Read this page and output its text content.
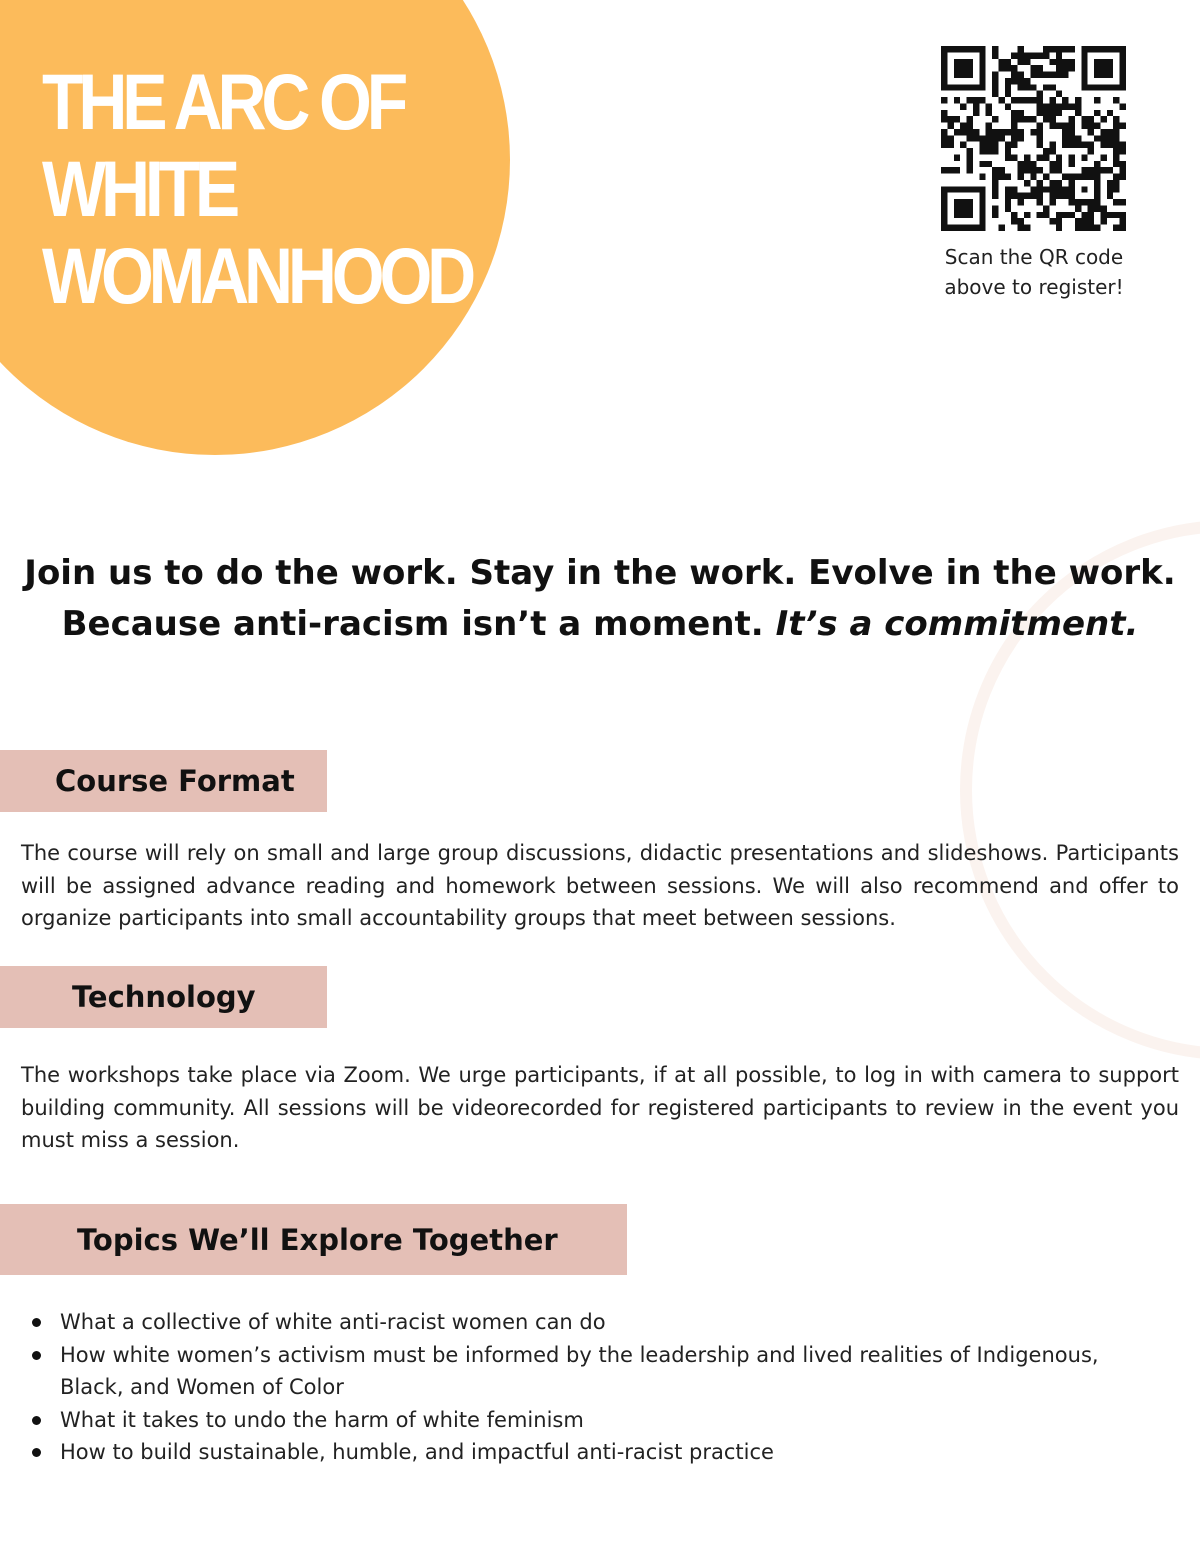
THE ARC OF
WHITE
WOMANHOOD	Scan the QR code
above to register!
Join us to do the work. Stay in the work. Evolve in the work.
Because anti-racism isn’t a moment. It’s a commitment.
Course Format

The course will rely on small and large group discussions, didactic presentations and slideshows. Participants will be assigned advance reading and homework between sessions. We will also recommend and offer to organize participants into small accountability groups that meet between sessions.

Technology

The workshops take place via Zoom. We urge participants, if at all possible, to log in with camera to support building community. All sessions will be videorecorded for registered participants to review in the event you must miss a session.

Topics We’ll Explore Together
What a collective of white anti-racist women can do
How white women’s activism must be informed by the leadership and lived realities of Indigenous, Black, and Women of Color
What it takes to undo the harm of white feminism
How to build sustainable, humble, and impactful anti-racist practice
